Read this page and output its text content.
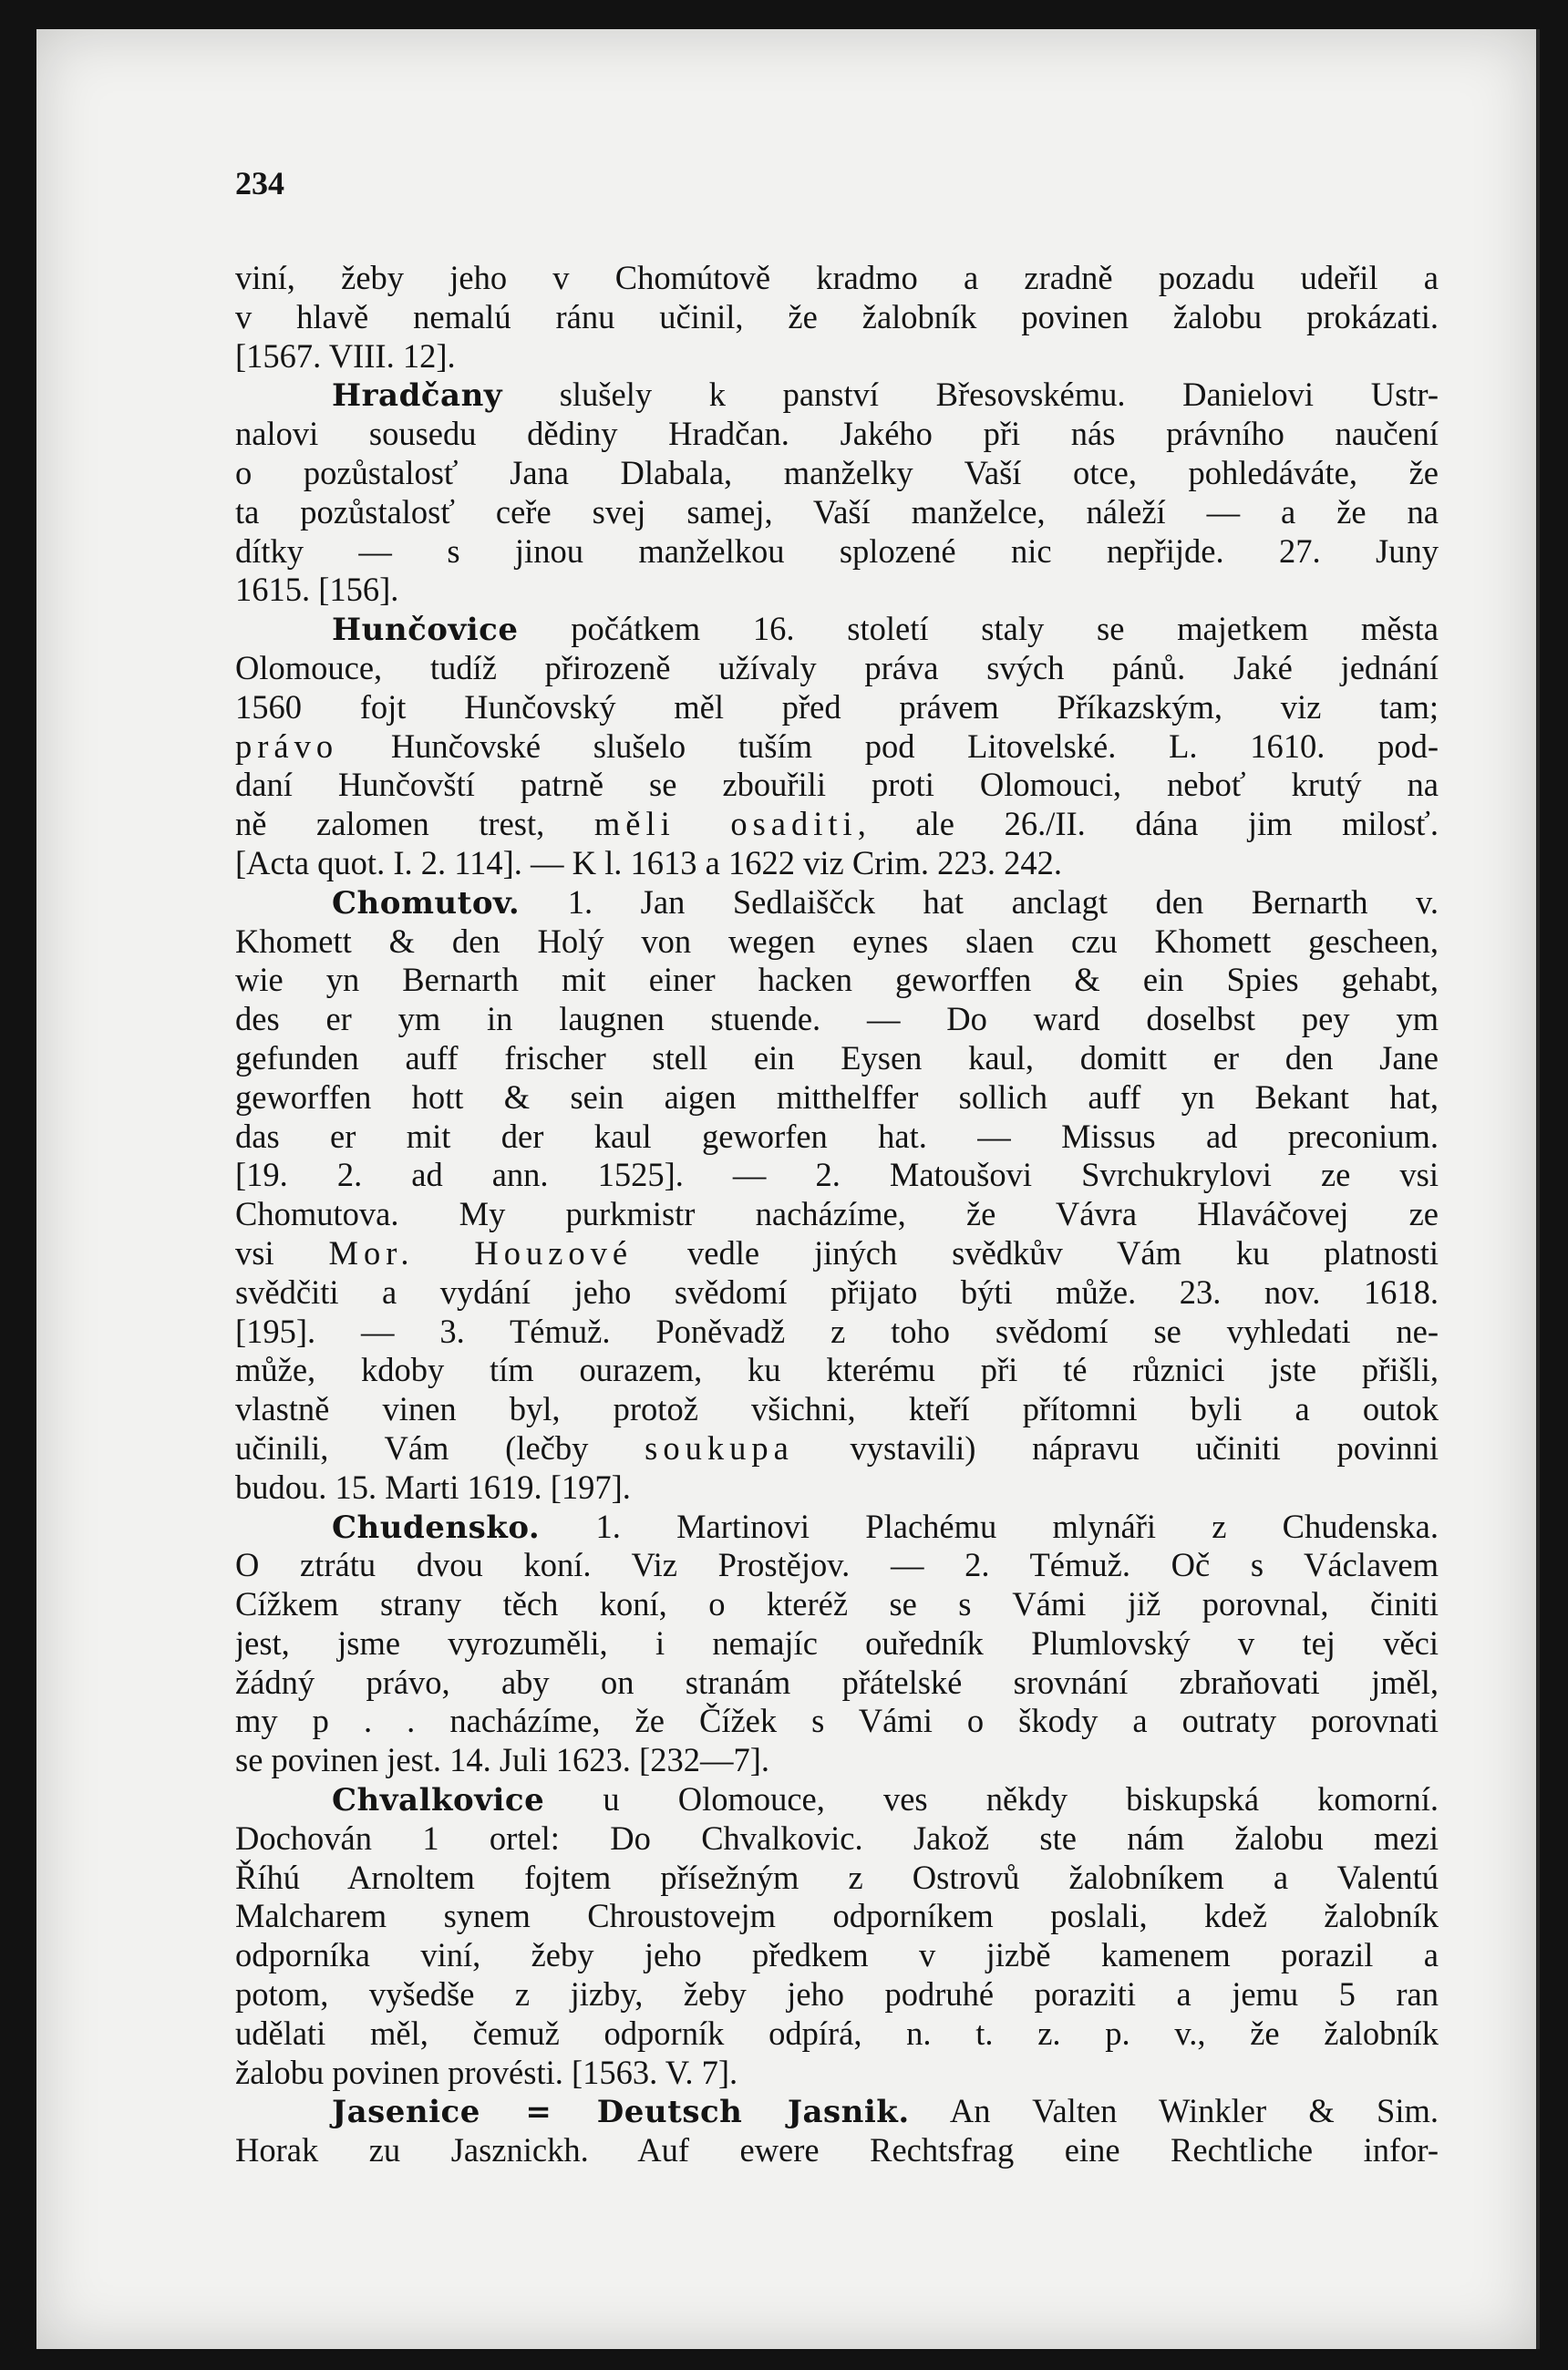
234
viní, žeby jeho v Chomútově kradmo a zradně pozadu udeřil a
v hlavě nemalú ránu učinil, že žalobník povinen žalobu prokázati.
[1567. VIII. 12].
Hradčany slušely k panství Břesovskému. Danielovi Ustr-
nalovi sousedu dědiny Hradčan. Jakého při nás právního naučení
o pozůstalosť Jana Dlabala, manželky Vaší otce, pohledáváte, že
ta pozůstalosť ceře svej samej, Vaší manželce, náleží — a že na
dítky — s jinou manželkou splozené nic nepřijde. 27. Juny
1615. [156].
Hunčovice počátkem 16. století staly se majetkem města
Olomouce, tudíž přirozeně užívaly práva svých pánů. Jaké jednání
1560 fojt Hunčovský měl před právem Příkazským, viz tam;
právo Hunčovské slušelo tuším pod Litovelské. L. 1610. pod-
daní Hunčovští patrně se zbouřili proti Olomouci, neboť krutý na
ně zalomen trest, měli osaditi, ale 26./II. dána jim milosť.
[Acta quot. I. 2. 114]. — K l. 1613 a 1622 viz Crim. 223. 242.
Chomutov. 1. Jan Sedlaiščck hat anclagt den Bernarth v.
Khomett & den Holý von wegen eynes slaen czu Khomett gescheen,
wie yn Bernarth mit einer hacken geworffen & ein Spies gehabt,
des er ym in laugnen stuende. — Do ward doselbst pey ym
gefunden auff frischer stell ein Eysen kaul, domitt er den Jane
geworffen hott & sein aigen mitthelffer sollich auff yn Bekant hat,
das er mit der kaul geworfen hat. — Missus ad preconium.
[19. 2. ad ann. 1525]. — 2. Matoušovi Svrchukrylovi ze vsi
Chomutova. My purkmistr nacházíme, že Vávra Hlaváčovej ze
vsi Mor. Houzové vedle jiných svědkův Vám ku platnosti
svědčiti a vydání jeho svědomí přijato býti může. 23. nov. 1618.
[195]. — 3. Témuž. Poněvadž z toho svědomí se vyhledati ne-
může, kdoby tím ourazem, ku kterému při té různici jste přišli,
vlastně vinen byl, protož všichni, kteří přítomni byli a outok
učinili, Vám (lečby soukupa vystavili) nápravu učiniti povinni
budou. 15. Marti 1619. [197].
Chudensko. 1. Martinovi Plachému mlynáři z Chudenska.
O ztrátu dvou koní. Viz Prostějov. — 2. Témuž. Oč s Václavem
Cížkem strany těch koní, o kteréž se s Vámi již porovnal, činiti
jest, jsme vyrozuměli, i nemajíc ouředník Plumlovský v tej věci
žádný právo, aby on stranám přátelské srovnání zbraňovati jměl,
my p . . nacházíme, že Čížek s Vámi o škody a outraty porovnati
se povinen jest. 14. Juli 1623. [232—7].
Chvalkovice u Olomouce, ves někdy biskupská komorní.
Dochován 1 ortel: Do Chvalkovic. Jakož ste nám žalobu mezi
Říhú Arnoltem fojtem přísežným z Ostrovů žalobníkem a Valentú
Malcharem synem Chroustovejm odporníkem poslali, kdež žalobník
odporníka viní, žeby jeho předkem v jizbě kamenem porazil a
potom, vyšedše z jizby, žeby jeho podruhé poraziti a jemu 5 ran
udělati měl, čemuž odporník odpírá, n. t. z. p. v., že žalobník
žalobu povinen provésti. [1563. V. 7].
Jasenice = Deutsch Jasnik. An Valten Winkler & Sim.
Horak zu Jasznickh. Auf ewere Rechtsfrag eine Rechtliche infor-
